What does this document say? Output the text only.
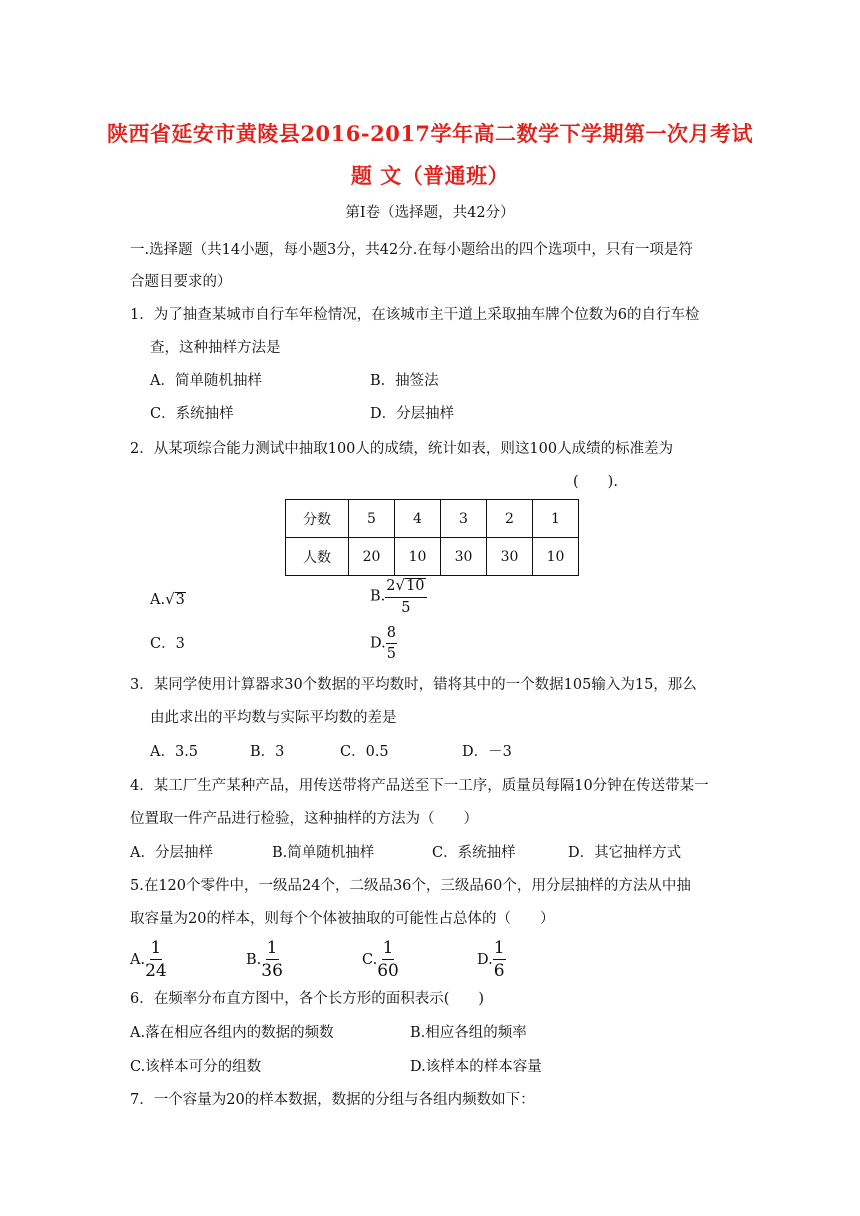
陕西省延安市黄陵县2016-2017学年高二数学下学期第一次月考试
题 文（普通班）
第Ⅰ卷（选择题，共42分）
一.选择题（共14小题，每小题3分，共42分.在每小题给出的四个选项中，只有一项是符
合题目要求的）
1．为了抽查某城市自行车年检情况，在该城市主干道上采取抽车牌个位数为6的自行车检
查，这种抽样方法是
A．简单随机抽样	B．抽签法
C．系统抽样	D．分层抽样
2．从某项综合能力测试中抽取100人的成绩，统计如表，则这100人成绩的标准差为
(　　).
分数	5	4	3	2	1
人数	20	10	30	30	10
A. √ 3	B. $\frac{2 √ 10}{5}$
C．3	D. $\frac{8}{5}$
3．某同学使用计算器求30个数据的平均数时，错将其中的一个数据105输入为15，那么
由此求出的平均数与实际平均数的差是
A．3.5	B．3	C．0.5	D．－3
4．某工厂生产某种产品，用传送带将产品送至下一工序，质量员每隔10分钟在传送带某一
位置取一件产品进行检验，这种抽样的方法为（　　）
A．分层抽样	B.简单随机抽样	C．系统抽样	D．其它抽样方式
5.在120个零件中，一级品24个，二级品36个，三级品60个，用分层抽样的方法从中抽
取容量为20的样本，则每个个体被抽取的可能性占总体的（　　）
A. $\frac{1}{24}$	B. $\frac{1}{36}$	C. $\frac{1}{60}$	D. $\frac{1}{6}$
6．在频率分布直方图中，各个长方形的面积表示(　　)
A.落在相应各组内的数据的频数	B.相应各组的频率
C.该样本可分的组数	D.该样本的样本容量
7．一个容量为20的样本数据，数据的分组与各组内频数如下：
